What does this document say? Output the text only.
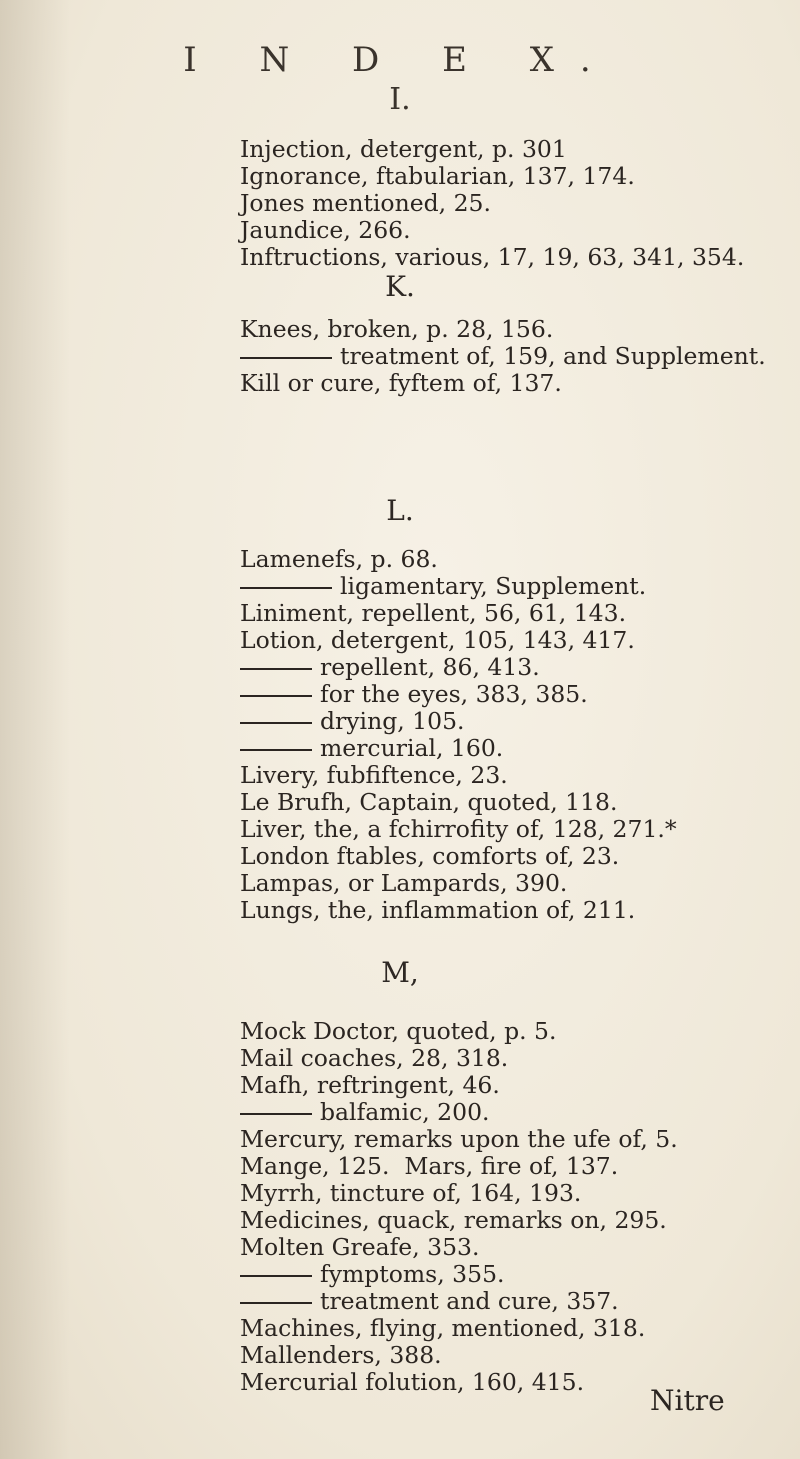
I N D E X.
I.
Injection, detergent, p. 301
Ignorance, ftabularian, 137, 174.
Jones mentioned, 25.
Jaundice, 266.
Inftructions, various, 17, 19, 63, 341, 354.
K.
Knees, broken, p. 28, 156.
treatment of, 159, and Supplement.
Kill or cure, fyftem of, 137.
L.
Lamenefs, p. 68.
ligamentary, Supplement.
Liniment, repellent, 56, 61, 143.
Lotion, detergent, 105, 143, 417.
repellent, 86, 413.
for the eyes, 383, 385.
drying, 105.
mercurial, 160.
Livery, fubfiftence, 23.
Le Brufh, Captain, quoted, 118.
Liver, the, a fchirrofity of, 128, 271.*
London ftables, comforts of, 23.
Lampas, or Lampards, 390.
Lungs, the, inflammation of, 211.
M,
Mock Doctor, quoted, p. 5.
Mail coaches, 28, 318.
Mafh, reftringent, 46.
balfamic, 200.
Mercury, remarks upon the ufe of, 5.
Mange, 125.  Mars, fire of, 137.
Myrrh, tincture of, 164, 193.
Medicines, quack, remarks on, 295.
Molten Greafe, 353.
fymptoms, 355.
treatment and cure, 357.
Machines, flying, mentioned, 318.
Mallenders, 388.
Mercurial folution, 160, 415.
Nitre
